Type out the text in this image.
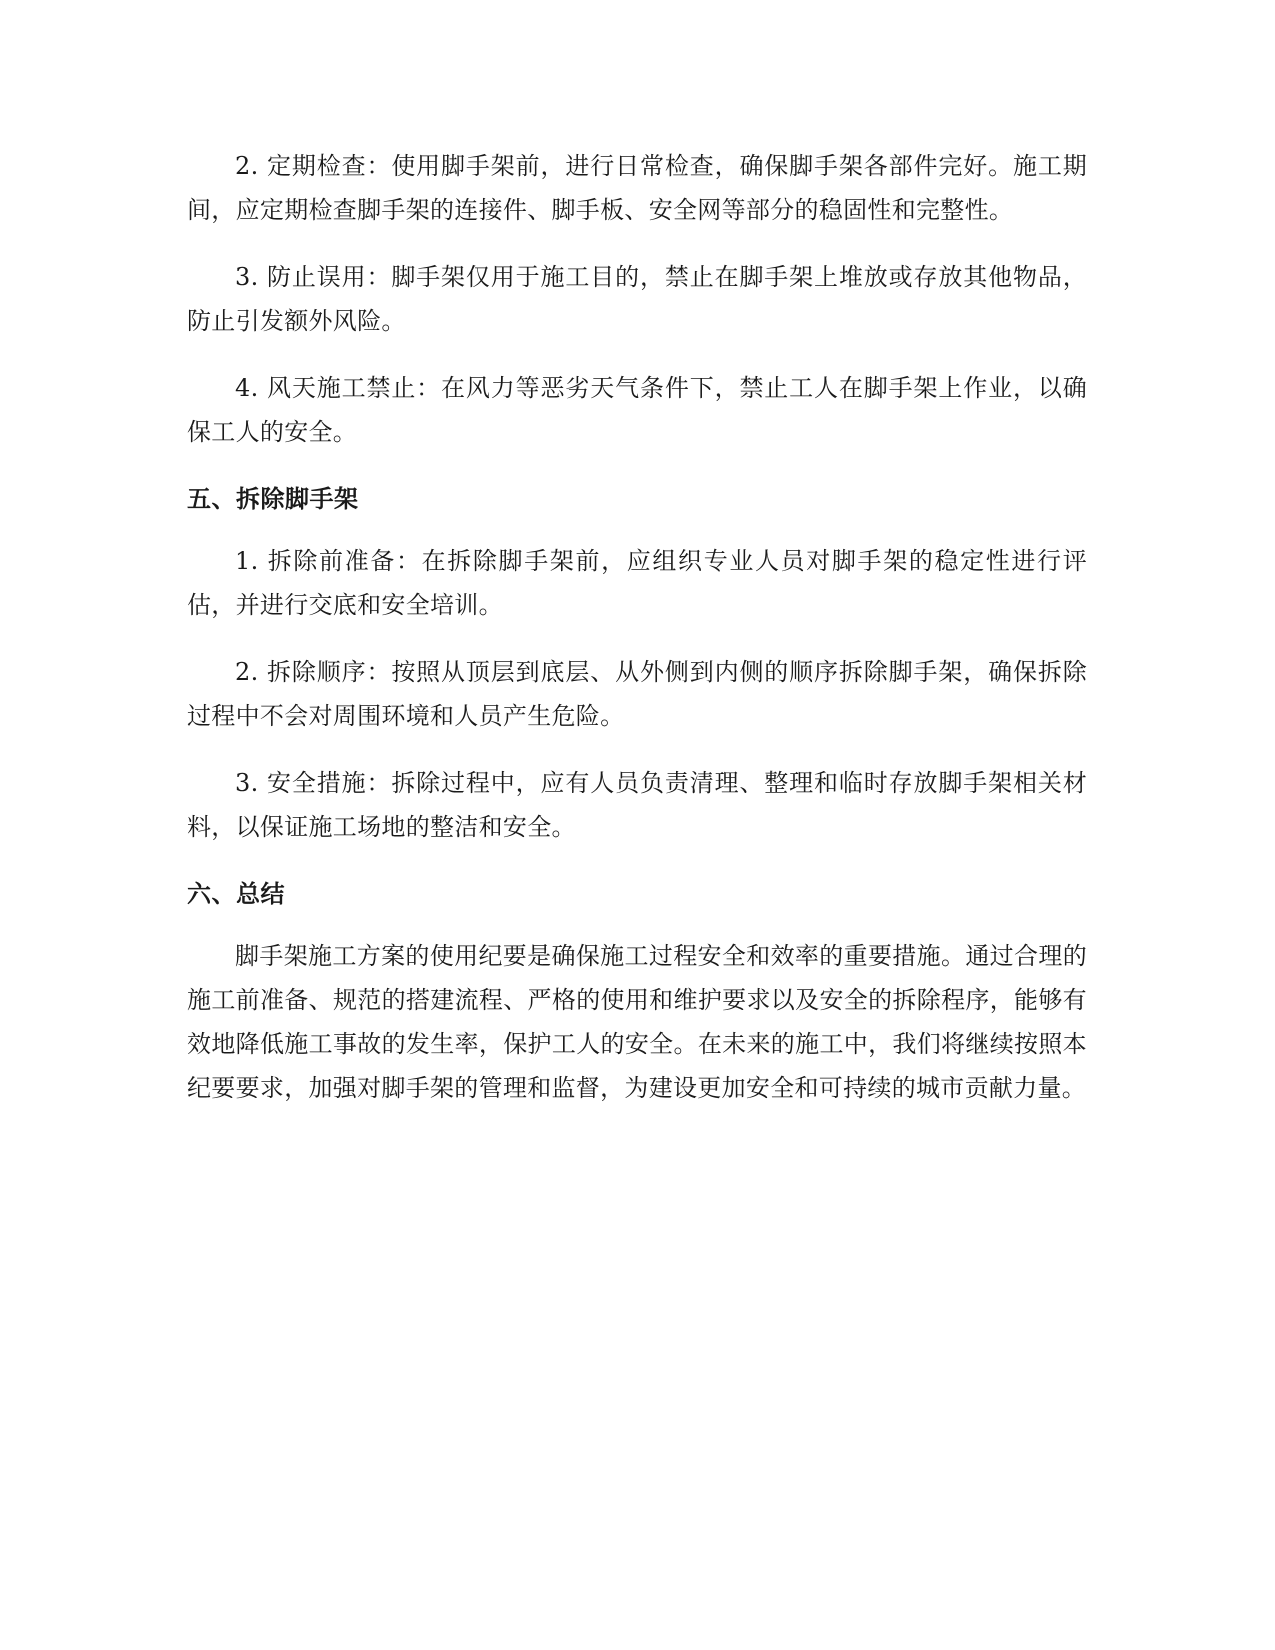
2. 定期检查：使用脚手架前，进行日常检查，确保脚手架各部件完好。施工期间，应定期检查脚手架的连接件、脚手板、安全网等部分的稳固性和完整性。

3. 防止误用：脚手架仅用于施工目的，禁止在脚手架上堆放或存放其他物品，防止引发额外风险。

4. 风天施工禁止：在风力等恶劣天气条件下，禁止工人在脚手架上作业，以确保工人的安全。

五、拆除脚手架

1. 拆除前准备：在拆除脚手架前，应组织专业人员对脚手架的稳定性进行评估，并进行交底和安全培训。

2. 拆除顺序：按照从顶层到底层、从外侧到内侧的顺序拆除脚手架，确保拆除过程中不会对周围环境和人员产生危险。

3. 安全措施：拆除过程中，应有人员负责清理、整理和临时存放脚手架相关材料，以保证施工场地的整洁和安全。

六、总结

脚手架施工方案的使用纪要是确保施工过程安全和效率的重要措施。通过合理的施工前准备、规范的搭建流程、严格的使用和维护要求以及安全的拆除程序，能够有效地降低施工事故的发生率，保护工人的安全。在未来的施工中，我们将继续按照本纪要要求，加强对脚手架的管理和监督，为建设更加安全和可持续的城市贡献力量。
